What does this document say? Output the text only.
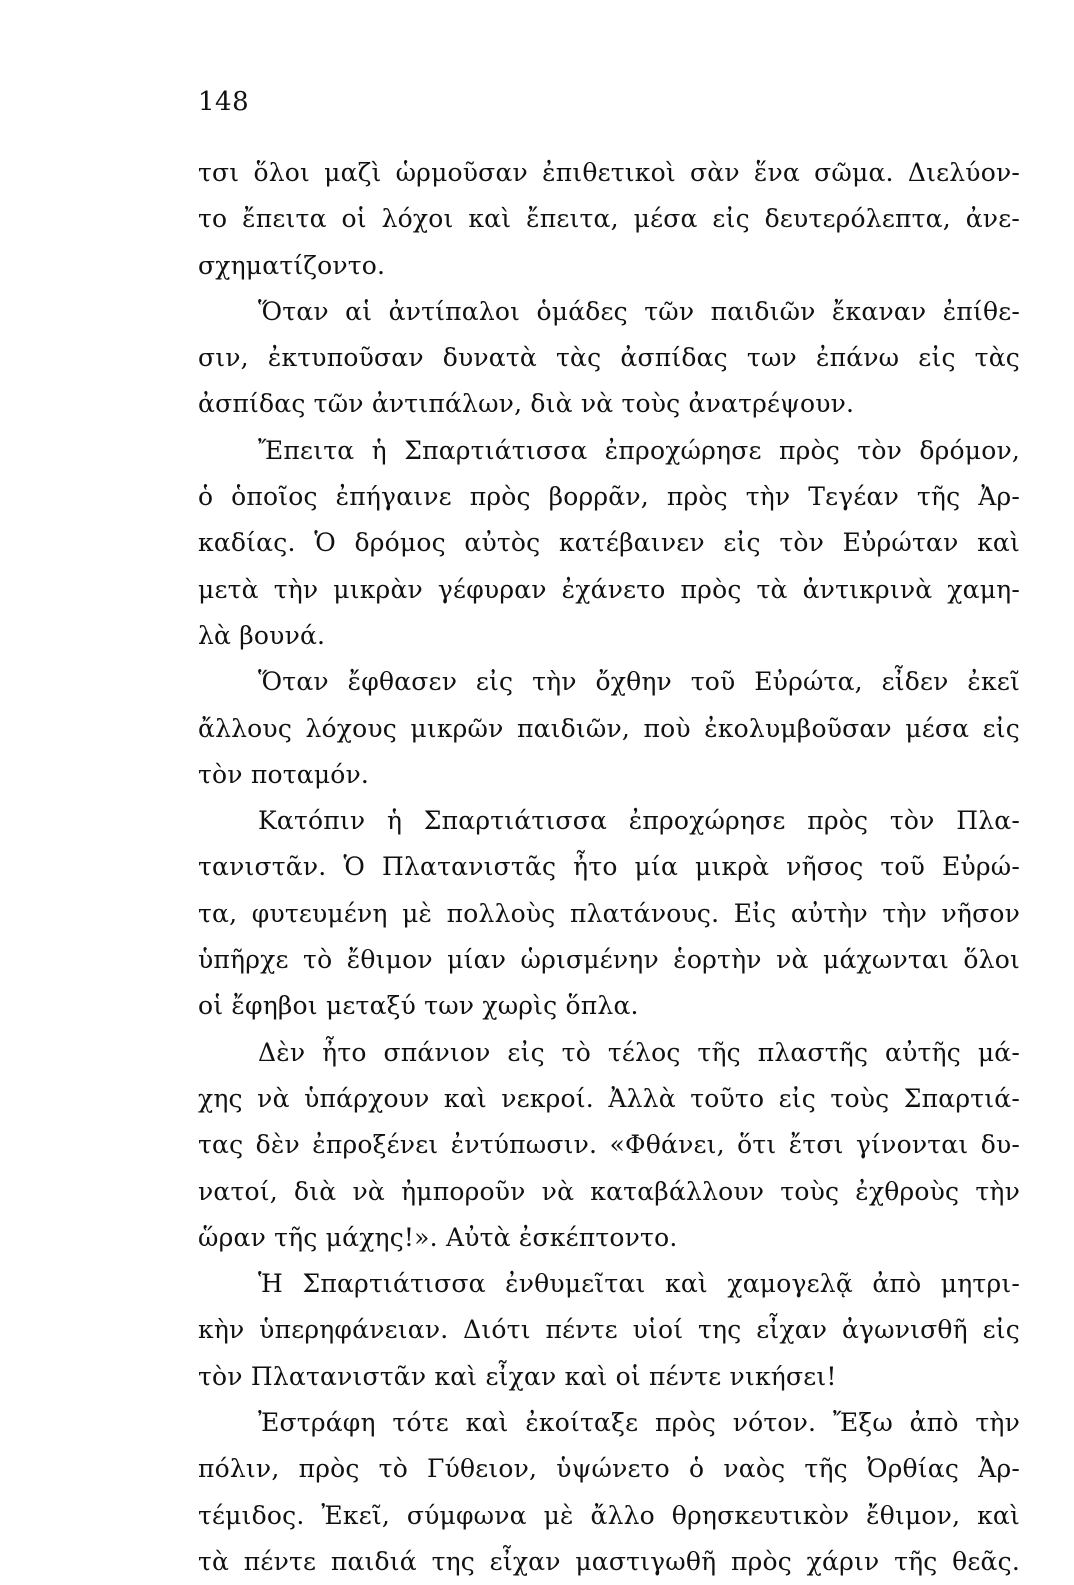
148
τσι ὅλοι μαζὶ ὡρμοῦσαν ἐπιθετικοὶ σὰν ἕνα σῶμα. Διελύον-
το ἔπειτα οἱ λόχοι καὶ ἔπειτα, μέσα εἰς δευτερόλεπτα, ἀνε-
σχηματίζοντο.
Ὅταν αἱ ἀντίπαλοι ὁμάδες τῶν παιδιῶν ἔκαναν ἐπίθε-
σιν, ἐκτυποῦσαν δυνατὰ τὰς ἀσπίδας των ἐπάνω εἰς τὰς
ἀσπίδας τῶν ἀντιπάλων, διὰ νὰ τοὺς ἀνατρέψουν.
Ἔπειτα ἡ Σπαρτιάτισσα ἐπροχώρησε πρὸς τὸν δρόμον,
ὁ ὁποῖος ἐπήγαινε πρὸς βορρᾶν, πρὸς τὴν Τεγέαν τῆς Ἀρ-
καδίας. Ὁ δρόμος αὐτὸς κατέβαινεν εἰς τὸν Εὐρώταν καὶ
μετὰ τὴν μικρὰν γέφυραν ἐχάνετο πρὸς τὰ ἀντικρινὰ χαμη-
λὰ βουνά.
Ὅταν ἔφθασεν εἰς τὴν ὄχθην τοῦ Εὐρώτα, εἶδεν ἐκεῖ
ἄλλους λόχους μικρῶν παιδιῶν, ποὺ ἐκολυμβοῦσαν μέσα εἰς
τὸν ποταμόν.
Κατόπιν ἡ Σπαρτιάτισσα ἐπροχώρησε πρὸς τὸν Πλα-
τανιστᾶν. Ὁ Πλατανιστᾶς ἦτο μία μικρὰ νῆσος τοῦ Εὐρώ-
τα, φυτευμένη μὲ πολλοὺς πλατάνους. Εἰς αὐτὴν τὴν νῆσον
ὑπῆρχε τὸ ἔθιμον μίαν ὡρισμένην ἑορτὴν νὰ μάχωνται ὅλοι
οἱ ἔφηβοι μεταξύ των χωρὶς ὅπλα.
Δὲν ἦτο σπάνιον εἰς τὸ τέλος τῆς πλαστῆς αὐτῆς μά-
χης νὰ ὑπάρχουν καὶ νεκροί. Ἀλλὰ τοῦτο εἰς τοὺς Σπαρτιά-
τας δὲν ἐπροξένει ἐντύπωσιν. «Φθάνει, ὅτι ἔτσι γίνονται δυ-
νατοί, διὰ νὰ ἠμποροῦν νὰ καταβάλλουν τοὺς ἐχθροὺς τὴν
ὥραν τῆς μάχης!». Αὐτὰ ἐσκέπτοντο.
Ἡ Σπαρτιάτισσα ἐνθυμεῖται καὶ χαμογελᾷ ἀπὸ μητρι-
κὴν ὑπερηφάνειαν. Διότι πέντε υἱοί της εἶχαν ἀγωνισθῆ εἰς
τὸν Πλατανιστᾶν καὶ εἶχαν καὶ οἱ πέντε νικήσει!
Ἐστράφη τότε καὶ ἐκοίταξε πρὸς νότον. Ἔξω ἀπὸ τὴν
πόλιν, πρὸς τὸ Γύθειον, ὑψώνετο ὁ ναὸς τῆς Ὀρθίας Ἀρ-
τέμιδος. Ἐκεῖ, σύμφωνα μὲ ἄλλο θρησκευτικὸν ἔθιμον, καὶ
τὰ πέντε παιδιά της εἶχαν μαστιγωθῆ πρὸς χάριν τῆς θεᾶς.
